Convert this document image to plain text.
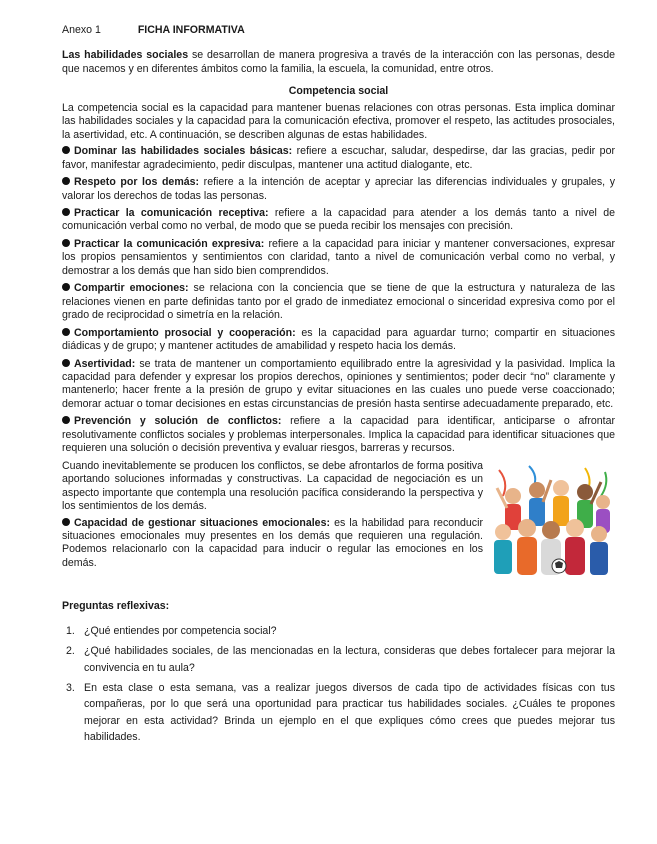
Anexo 1	FICHA INFORMATIVA

Las habilidades sociales se desarrollan de manera progresiva a través de la interacción con las personas, desde que nacemos y en diferentes ámbitos como la familia, la escuela, la comunidad, entre otros.

Competencia social

La competencia social es la capacidad para mantener buenas relaciones con otras personas. Esta implica dominar las habilidades sociales y la capacidad para la comunicación efectiva, promover el respeto, las actitudes prosociales, la asertividad, etc. A continuación, se describen algunas de estas habilidades.

Dominar las habilidades sociales básicas: refiere a escuchar, saludar, despedirse, dar las gracias, pedir por favor, manifestar agradecimiento, pedir disculpas, mantener una actitud dialogante, etc.
Respeto por los demás: refiere a la intención de aceptar y apreciar las diferencias individuales y grupales, y valorar los derechos de todas las personas.
Practicar la comunicación receptiva: refiere a la capacidad para atender a los demás tanto a nivel de comunicación verbal como no verbal, de modo que se pueda recibir los mensajes con precisión.
Practicar la comunicación expresiva: refiere a la capacidad para iniciar y mantener conversaciones, expresar los propios pensamientos y sentimientos con claridad, tanto a nivel de comunicación verbal como no verbal, y demostrar a los demás que han sido bien comprendidos.
Compartir emociones: se relaciona con la conciencia que se tiene de que la estructura y naturaleza de las relaciones vienen en parte definidas tanto por el grado de inmediatez emocional o sinceridad expresiva como por el grado de reciprocidad o simetría en la relación.
Comportamiento prosocial y cooperación: es la capacidad para aguardar turno; compartir en situaciones diádicas y de grupo; y mantener actitudes de amabilidad y respeto hacia los demás.
Asertividad: se trata de mantener un comportamiento equilibrado entre la agresividad y la pasividad. Implica la capacidad para defender y expresar los propios derechos, opiniones y sentimientos; poder decir “no” claramente y mantenerlo; hacer frente a la presión de grupo y evitar situaciones en las cuales uno puede verse coaccionado; demorar actuar o tomar decisiones en estas circunstancias de presión hasta sentirse adecuadamente preparado, etc.
Prevención y solución de conflictos: refiere a la capacidad para identificar, anticiparse o afrontar resolutivamente conflictos sociales y problemas interpersonales. Implica la capacidad para identificar situaciones que requieren una solución o decisión preventiva y evaluar riesgos, barreras y recursos.

Cuando inevitablemente se producen los conflictos, se debe afrontarlos de forma positiva aportando soluciones informadas y constructivas. La capacidad de negociación es un aspecto importante que contempla una resolución pacífica considerando la perspectiva y los sentimientos de los demás.

Capacidad de gestionar situaciones emocionales: es la habilidad para reconducir situaciones emocionales muy presentes en los demás que requieren una regulación. Podemos relacionarlo con la capacidad para inducir o regular las emociones en los demás.
Preguntas reflexivas:
1. ¿Qué entiendes por competencia social?
2. ¿Qué habilidades sociales, de las mencionadas en la lectura, consideras que debes fortalecer para mejorar la convivencia en tu aula?
3. En esta clase o esta semana, vas a realizar juegos diversos de cada tipo de actividades físicas con tus compañeras, por lo que será una oportunidad para practicar tus habilidades sociales. ¿Cuáles te propones mejorar en esta actividad? Brinda un ejemplo en el que expliques cómo crees que puedes mejorar tus habilidades.
